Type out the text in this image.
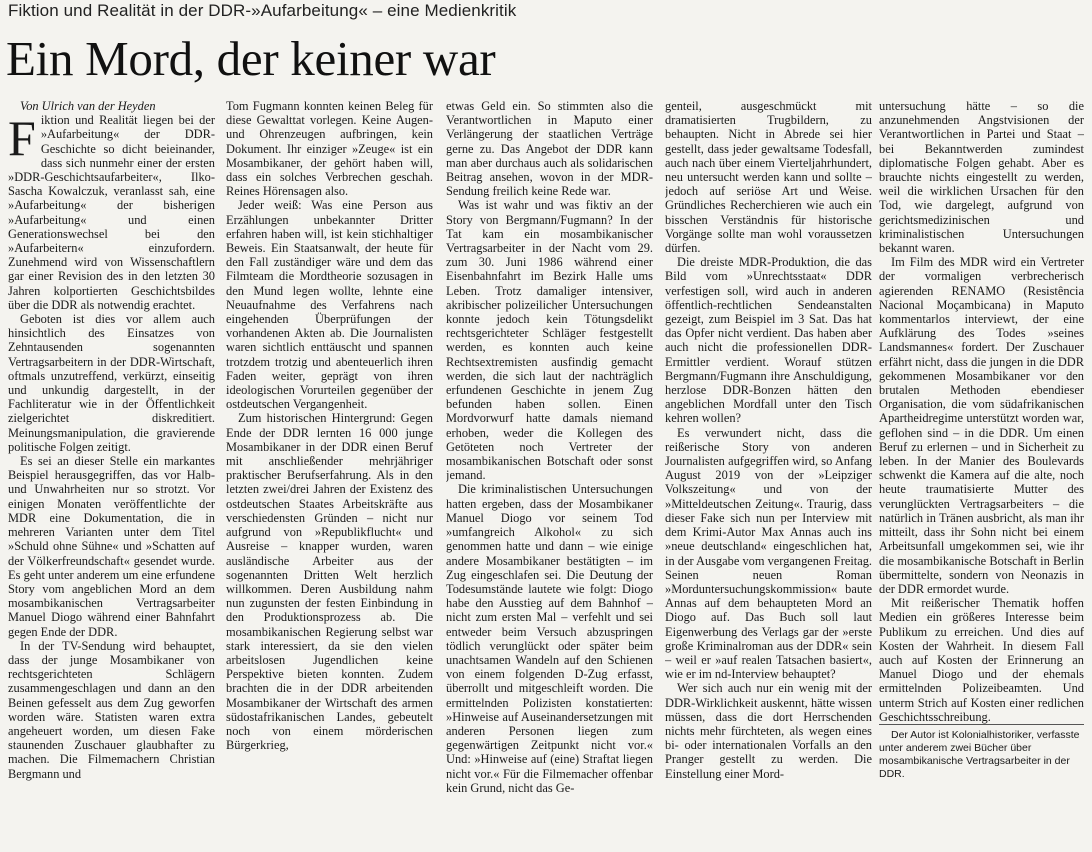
Fiktion und Realität in der DDR-»Aufarbeitung« – eine Medienkritik
Ein Mord, der keiner war

Von Ulrich van der Heyden

Fiktion und Realität liegen bei der »Aufarbeitung« der DDR-Geschichte so dicht beieinander, dass sich nunmehr einer der ersten »DDR-Geschichtsaufarbeiter«, Ilko-Sascha Kowalczuk, veranlasst sah, eine »Aufarbeitung« der bisherigen »Aufarbeitung« und einen Generationswechsel bei den »Aufarbeitern« einzufordern. Zunehmend wird von Wissenschaftlern gar einer Revision des in den letzten 30 Jahren kolportierten Geschichtsbildes über die DDR als notwendig erachtet.

Geboten ist dies vor allem auch hinsichtlich des Einsatzes von Zehntausenden sogenannten Vertragsarbeitern in der DDR-Wirtschaft, oftmals unzutreffend, verkürzt, einseitig und unkundig dargestellt, in der Fachliteratur wie in der Öffentlichkeit zielgerichtet diskreditiert. Meinungsmanipulation, die gravierende politische Folgen zeitigt.

Es sei an dieser Stelle ein markantes Beispiel herausgegriffen, das vor Halb- und Unwahrheiten nur so strotzt. Vor einigen Monaten veröffentlichte der MDR eine Dokumentation, die in mehreren Varianten unter dem Titel »Schuld ohne Sühne« und »Schatten auf der Völkerfreundschaft« gesendet wurde. Es geht unter anderem um eine erfundene Story vom angeblichen Mord an dem mosambikanischen Vertragsarbeiter Manuel Diogo während einer Bahnfahrt gegen Ende der DDR.

In der TV-Sendung wird behauptet, dass der junge Mosambikaner von rechtsgerichteten Schlägern zusammengeschlagen und dann an den Beinen gefesselt aus dem Zug geworfen worden wäre. Statisten waren extra angeheuert worden, um diesen Fake staunenden Zuschauer glaubhafter zu machen. Die Filmemachern Christian Bergmann und

Tom Fugmann konnten keinen Beleg für diese Gewalttat vorlegen. Keine Augen- und Ohrenzeugen aufbringen, kein Dokument. Ihr einziger »Zeuge« ist ein Mosambikaner, der gehört haben will, dass ein solches Verbrechen geschah. Reines Hörensagen also.

Jeder weiß: Was eine Person aus Erzählungen unbekannter Dritter erfahren haben will, ist kein stichhaltiger Beweis. Ein Staatsanwalt, der heute für den Fall zuständiger wäre und dem das Filmteam die Mordtheorie sozusagen in den Mund legen wollte, lehnte eine Neuaufnahme des Verfahrens nach eingehenden Überprüfungen der vorhandenen Akten ab. Die Journalisten waren sichtlich enttäuscht und spannen trotzdem trotzig und abenteuerlich ihren Faden weiter, geprägt von ihren ideologischen Vorurteilen gegenüber der ostdeutschen Vergangenheit.

Zum historischen Hintergrund: Gegen Ende der DDR lernten 16 000 junge Mosambikaner in der DDR einen Beruf mit anschließender mehrjähriger praktischer Berufserfahrung. Als in den letzten zwei/drei Jahren der Existenz des ostdeutschen Staates Arbeitskräfte aus verschiedensten Gründen – nicht nur aufgrund von »Republikflucht« und Ausreise – knapper wurden, waren ausländische Arbeiter aus der sogenannten Dritten Welt herzlich willkommen. Deren Ausbildung nahm nun zugunsten der festen Einbindung in den Produktionsprozess ab. Die mosambikanischen Regierung selbst war stark interessiert, da sie den vielen arbeitslosen Jugendlichen keine Perspektive bieten konnten. Zudem brachten die in der DDR arbeitenden Mosambikaner der Wirtschaft des armen südostafrikanischen Landes, gebeutelt noch von einem mörderischen Bürgerkrieg,

etwas Geld ein. So stimmten also die Verantwortlichen in Maputo einer Verlängerung der staatlichen Verträge gerne zu. Das Angebot der DDR kann man aber durchaus auch als solidarischen Beitrag ansehen, wovon in der MDR-Sendung freilich keine Rede war.

Was ist wahr und was fiktiv an der Story von Bergmann/Fugmann? In der Tat kam ein mosambikanischer Vertragsarbeiter in der Nacht vom 29. zum 30. Juni 1986 während einer Eisenbahnfahrt im Bezirk Halle ums Leben. Trotz damaliger intensiver, akribischer polizeilicher Untersuchungen konnte jedoch kein Tötungsdelikt rechtsgerichteter Schläger festgestellt werden, es konnten auch keine Rechtsextremisten ausfindig gemacht werden, die sich laut der nachträglich erfundenen Geschichte in jenem Zug befunden haben sollen. Einen Mordvorwurf hatte damals niemand erhoben, weder die Kollegen des Getöteten noch Vertreter der mosambikanischen Botschaft oder sonst jemand.

Die kriminalistischen Untersuchungen hatten ergeben, dass der Mosambikaner Manuel Diogo vor seinem Tod »umfangreich Alkohol« zu sich genommen hatte und dann – wie einige andere Mosambikaner bestätigten – im Zug eingeschlafen sei. Die Deutung der Todesumstände lautete wie folgt: Diogo habe den Ausstieg auf dem Bahnhof – nicht zum ersten Mal – verfehlt und sei entweder beim Versuch abzuspringen tödlich verunglückt oder später beim unachtsamen Wandeln auf den Schienen von einem folgenden D-Zug erfasst, überrollt und mitgeschleift worden. Die ermittelnden Polizisten konstatierten: »Hinweise auf Auseinandersetzungen mit anderen Personen liegen zum gegenwärtigen Zeitpunkt nicht vor.« Und: »Hinweise auf (eine) Straftat liegen nicht vor.« Für die Filmemacher offenbar kein Grund, nicht das Ge-

genteil, ausgeschmückt mit dramatisierten Trugbildern, zu behaupten. Nicht in Abrede sei hier gestellt, dass jeder gewaltsame Todesfall, auch nach über einem Vierteljahrhundert, neu untersucht werden kann und sollte – jedoch auf seriöse Art und Weise. Gründliches Recherchieren wie auch ein bisschen Verständnis für historische Vorgänge sollte man wohl voraussetzen dürfen.

Die dreiste MDR-Produktion, die das Bild vom »Unrechtsstaat« DDR verfestigen soll, wird auch in anderen öffentlich-rechtlichen Sendeanstalten gezeigt, zum Beispiel im 3 Sat. Das hat das Opfer nicht verdient. Das haben aber auch nicht die professionellen DDR-Ermittler verdient. Worauf stützen Bergmann/Fugmann ihre Anschuldigung, herzlose DDR-Bonzen hätten den angeblichen Mordfall unter den Tisch kehren wollen?

Es verwundert nicht, dass die reißerische Story von anderen Journalisten aufgegriffen wird, so Anfang August 2019 von der »Leipziger Volkszeitung« und von der »Mitteldeutschen Zeitung«. Traurig, dass dieser Fake sich nun per Interview mit dem Krimi-Autor Max Annas auch ins »neue deutschland« eingeschlichen hat, in der Ausgabe vom vergangenen Freitag. Seinen neuen Roman »Morduntersuchungskommission« baute Annas auf dem behaupteten Mord an Diogo auf. Das Buch soll laut Eigenwerbung des Verlags gar der »erste große Kriminalroman aus der DDR« sein – weil er »auf realen Tatsachen basiert«, wie er im nd-Interview behauptet?

Wer sich auch nur ein wenig mit der DDR-Wirklichkeit auskennt, hätte wissen müssen, dass die dort Herrschenden nichts mehr fürchteten, als wegen eines bi- oder internationalen Vorfalls an den Pranger gestellt zu werden. Die Einstellung einer Mord-

untersuchung hätte – so die anzunehmenden Angstvisionen der Verantwortlichen in Partei und Staat – bei Bekanntwerden zumindest diplomatische Folgen gehabt. Aber es brauchte nichts eingestellt zu werden, weil die wirklichen Ursachen für den Tod, wie dargelegt, aufgrund von gerichtsmedizinischen und kriminalistischen Untersuchungen bekannt waren.

Im Film des MDR wird ein Vertreter der vormaligen verbrecherisch agierenden RENAMO (Resistência Nacional Moçambicana) in Maputo kommentarlos interviewt, der eine Aufklärung des Todes »seines Landsmannes« fordert. Der Zuschauer erfährt nicht, dass die jungen in die DDR gekommenen Mosambikaner vor den brutalen Methoden ebendieser Organisation, die vom südafrikanischen Apartheidregime unterstützt worden war, geflohen sind – in die DDR. Um einen Beruf zu erlernen – und in Sicherheit zu leben. In der Manier des Boulevards schwenkt die Kamera auf die alte, noch heute traumatisierte Mutter des verunglückten Vertragsarbeiters – die natürlich in Tränen ausbricht, als man ihr mitteilt, dass ihr Sohn nicht bei einem Arbeitsunfall umgekommen sei, wie ihr die mosambikanische Botschaft in Berlin übermittelte, sondern von Neonazis in der DDR ermordet wurde.

Mit reißerischer Thematik hoffen Medien ein größeres Interesse beim Publikum zu erreichen. Und dies auf Kosten der Wahrheit. In diesem Fall auch auf Kosten der Erinnerung an Manuel Diogo und der ehemals ermittelnden Polizeibeamten. Und unterm Strich auf Kosten einer redlichen Geschichtsschreibung.

Der Autor ist Kolonialhistoriker, verfasste unter anderem zwei Bücher über mosambikanische Vertragsarbeiter in der DDR.
